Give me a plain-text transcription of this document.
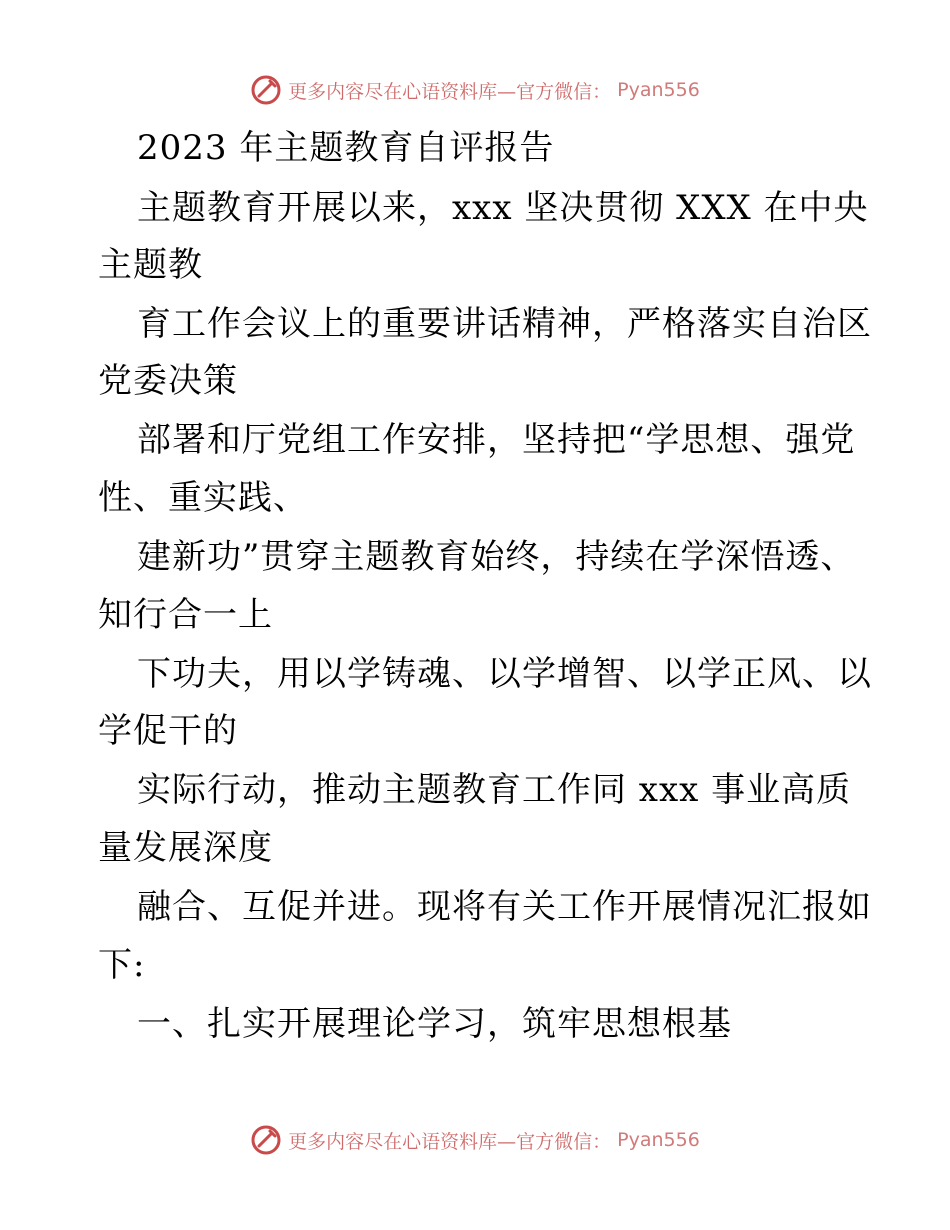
更多内容尽在心语资料库—官方微信： Pyan556
2023 年主题教育自评报告
主题教育开展以来，xxx 坚决贯彻 XXX 在中央
主题教
育工作会议上的重要讲话精神，严格落实自治区
党委决策
部署和厅党组工作安排，坚持把“学思想、强党
性、重实践、
建新功”贯穿主题教育始终，持续在学深悟透、
知行合一上
下功夫，用以学铸魂、以学增智、以学正风、以
学促干的
实际行动，推动主题教育工作同 xxx 事业高质
量发展深度
融合、互促并进。现将有关工作开展情况汇报如
下:
一、扎实开展理论学习，筑牢思想根基
更多内容尽在心语资料库—官方微信： Pyan556
